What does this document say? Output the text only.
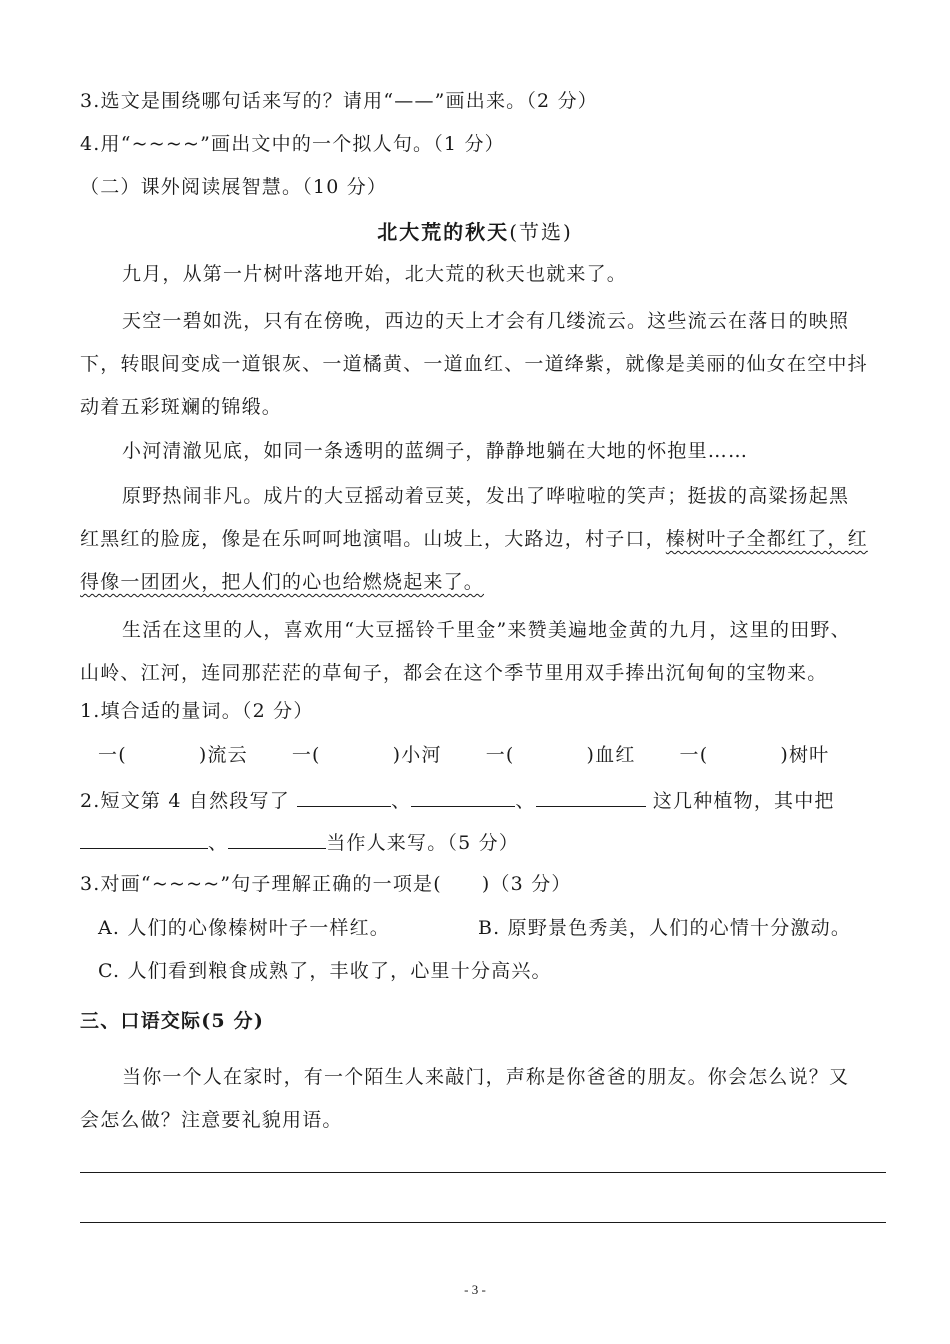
3.选文是围绕哪句话来写的？请用“——”画出来。（2 分）
4.用“~~~~”画出文中的一个拟人句。（1 分）
（二）课外阅读展智慧。（10 分）
北大荒的秋天(节选)
九月，从第一片树叶落地开始，北大荒的秋天也就来了。
天空一碧如洗，只有在傍晚，西边的天上才会有几缕流云。这些流云在落日的映照
下，转眼间变成一道银灰、一道橘黄、一道血红、一道绛紫，就像是美丽的仙女在空中抖
动着五彩斑斓的锦缎。
小河清澈见底，如同一条透明的蓝绸子，静静地躺在大地的怀抱里……
原野热闹非凡。成片的大豆摇动着豆荚，发出了哗啦啦的笑声；挺拔的高粱扬起黑
红黑红的脸庞，像是在乐呵呵地演唱。山坡上，大路边，村子口，榛树叶子全都红了，红
得像一团团火，把人们的心也给燃烧起来了。
生活在这里的人，喜欢用“大豆摇铃千里金”来赞美遍地金黄的九月，这里的田野、
山岭、江河，连同那茫茫的草甸子，都会在这个季节里用双手捧出沉甸甸的宝物来。
1.填合适的量词。（2 分）
一(	)流云 一(	)小河 一(	)血红 一(	)树叶
2.短文第 4 自然段写了	、	、	这几种植物，其中把
、	当作人来写。（5 分）
3.对画“~~~~”句子理解正确的一项是( )（3 分）
A. 人们的心像榛树叶子一样红。	B. 原野景色秀美，人们的心情十分激动。
C. 人们看到粮食成熟了，丰收了，心里十分高兴。
三、口语交际(5 分)
当你一个人在家时，有一个陌生人来敲门，声称是你爸爸的朋友。你会怎么说？又
会怎么做？注意要礼貌用语。
- 3 -
